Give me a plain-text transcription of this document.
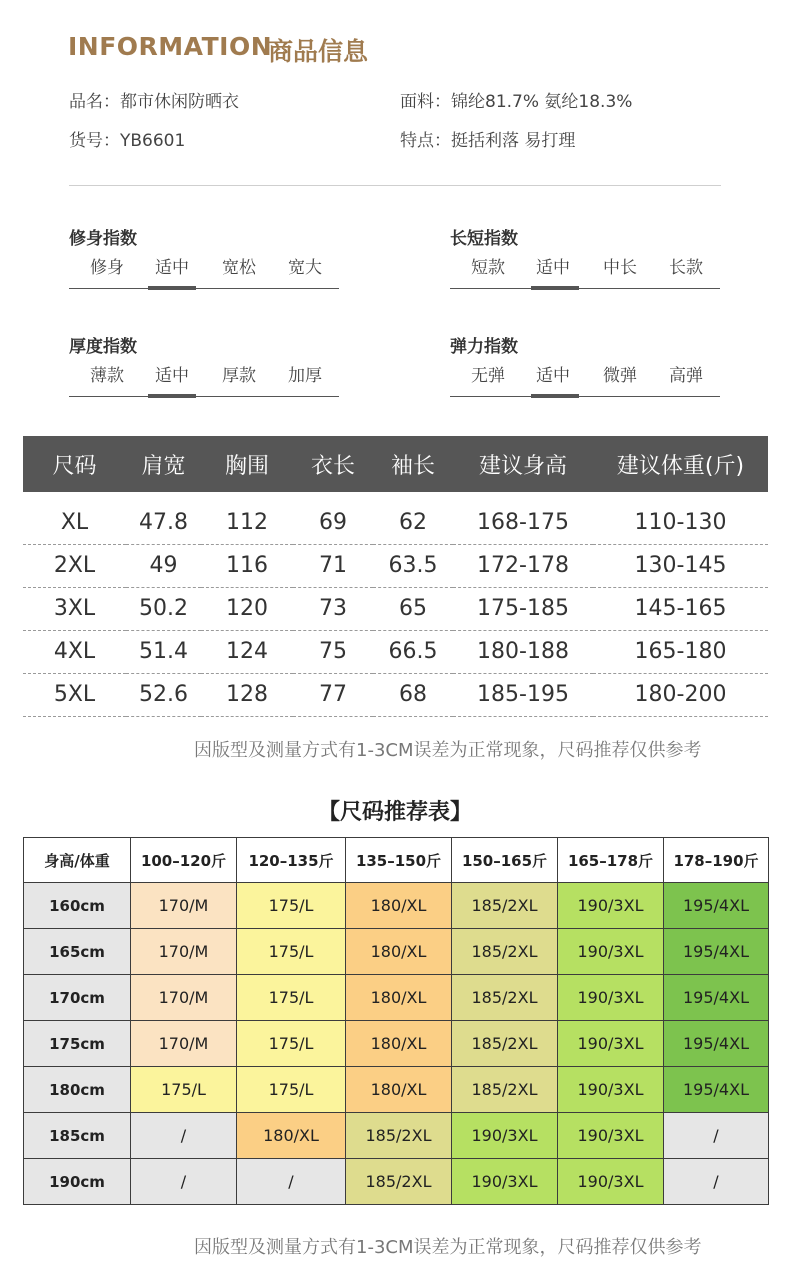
INFORMATION
商品信息
品名：都市休闲防晒衣	面料：锦纶81.7% 氨纶18.3%
货号：YB6601	特点：挺括利落 易打理
修身指数
修身	适中	宽松	宽大
长短指数
短款	适中	中长	长款
厚度指数
薄款	适中	厚款	加厚
弹力指数
无弹	适中	微弹	高弹
尺码	肩宽	胸围	衣长	袖长	建议身高	建议体重(斤)
XL	47.8	112	69	62	168-175	110-130
2XL	49	116	71	63.5	172-178	130-145
3XL	50.2	120	73	65	175-185	145-165
4XL	51.4	124	75	66.5	180-188	165-180
5XL	52.6	128	77	68	185-195	180-200
因版型及测量方式有1-3CM误差为正常现象，尺码推荐仅供参考
【尺码推荐表】
身高/体重	100–120斤	120–135斤	135–150斤	150–165斤	165–178斤	178–190斤
160cm	170/M	175/L	180/XL	185/2XL	190/3XL	195/4XL
165cm	170/M	175/L	180/XL	185/2XL	190/3XL	195/4XL
170cm	170/M	175/L	180/XL	185/2XL	190/3XL	195/4XL
175cm	170/M	175/L	180/XL	185/2XL	190/3XL	195/4XL
180cm	175/L	175/L	180/XL	185/2XL	190/3XL	195/4XL
185cm	/	180/XL	185/2XL	190/3XL	190/3XL	/
190cm	/	/	185/2XL	190/3XL	190/3XL	/
因版型及测量方式有1-3CM误差为正常现象，尺码推荐仅供参考
